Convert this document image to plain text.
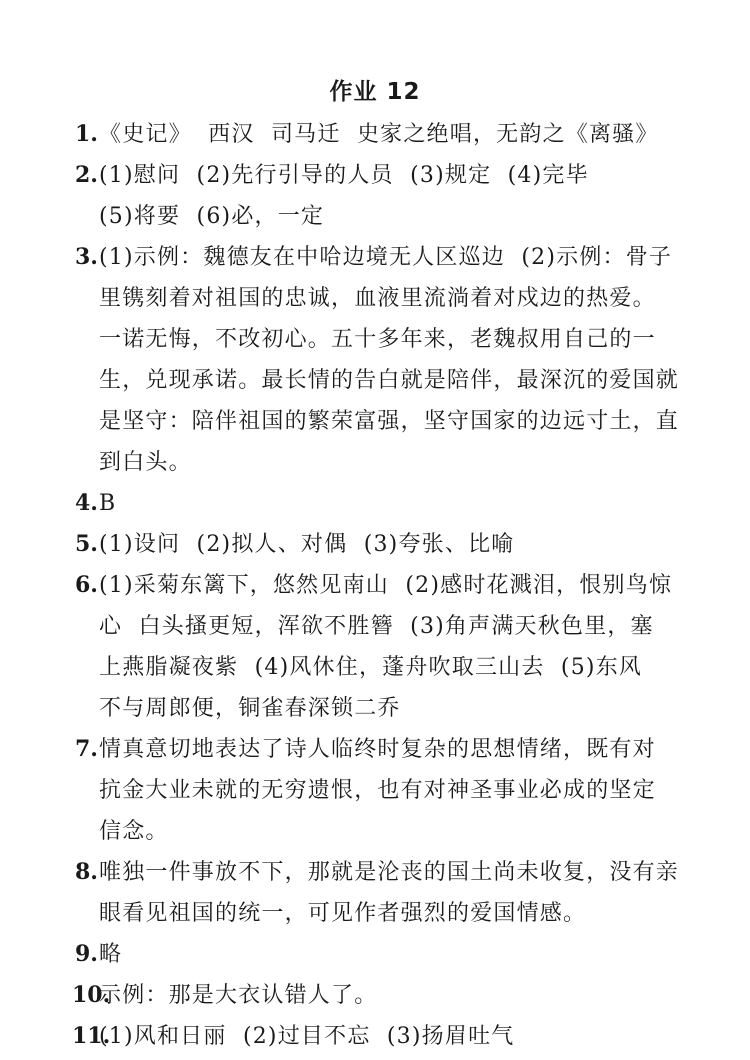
作业 12
1. 《史记》  西汉  司马迁  史家之绝唱，无韵之《离骚》
2. (1)慰问  (2)先行引导的人员  (3)规定  (4)完毕
(5)将要  (6)必，一定
3. (1)示例：魏德友在中哈边境无人区巡边  (2)示例：骨子
里镌刻着对祖国的忠诚，血液里流淌着对戍边的热爱。
一诺无悔，不改初心。五十多年来，老魏叔用自己的一
生，兑现承诺。最长情的告白就是陪伴，最深沉的爱国就
是坚守：陪伴祖国的繁荣富强，坚守国家的边远寸土，直
到白头。
4. B
5. (1)设问  (2)拟人、对偶  (3)夸张、比喻
6. (1)采菊东篱下，悠然见南山  (2)感时花溅泪，恨别鸟惊
心  白头搔更短，浑欲不胜簪  (3)角声满天秋色里，塞
上燕脂凝夜紫  (4)风休住，蓬舟吹取三山去  (5)东风
不与周郎便，铜雀春深锁二乔
7. 情真意切地表达了诗人临终时复杂的思想情绪，既有对
抗金大业未就的无穷遗恨，也有对神圣事业必成的坚定
信念。
8. 唯独一件事放不下，那就是沦丧的国土尚未收复，没有亲
眼看见祖国的统一，可见作者强烈的爱国情感。
9. 略
10.
示例：那是大衣认错人了。
11.
(1)风和日丽  (2)过目不忘  (3)扬眉吐气
